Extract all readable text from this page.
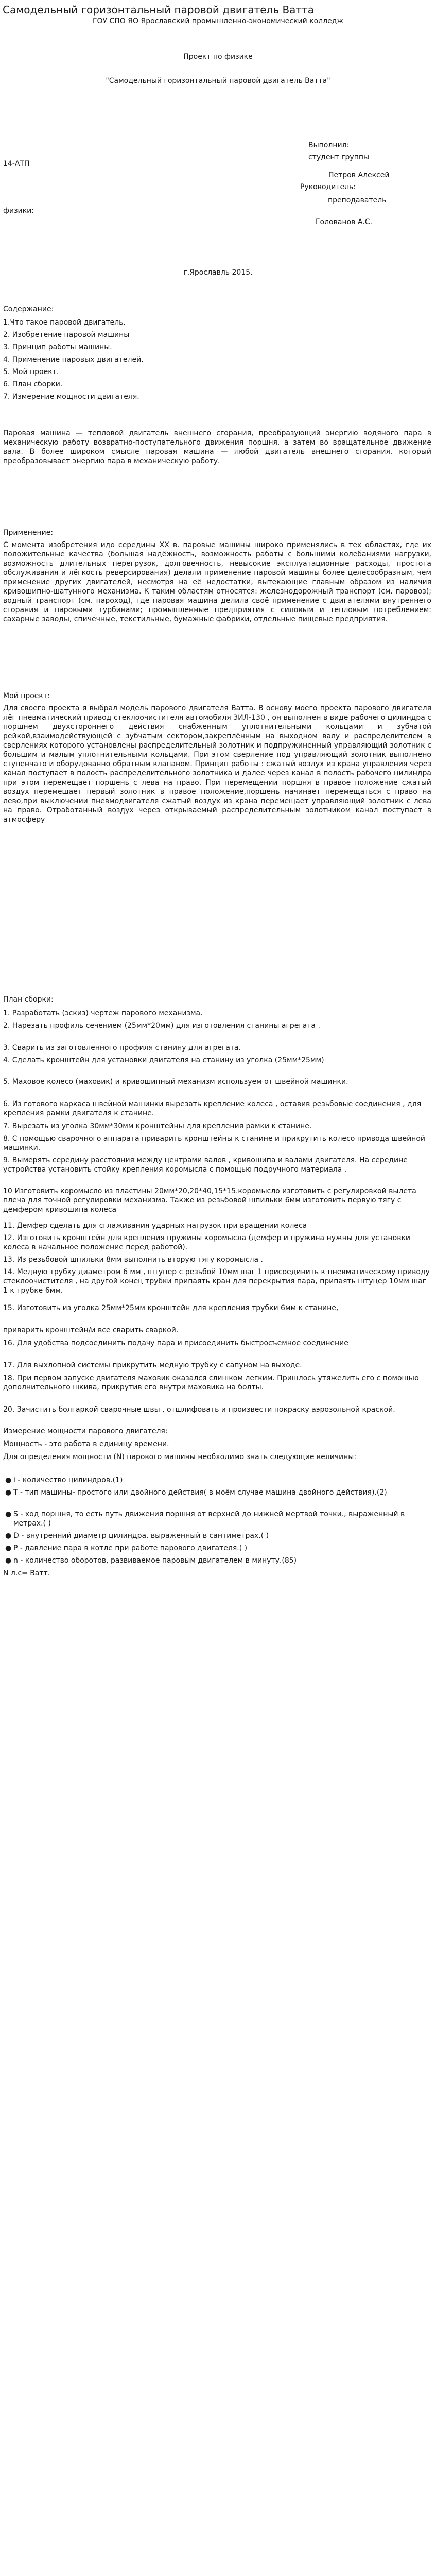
Самодельный горизонтальный паровой двигатель Ватта
ГОУ СПО ЯО Ярославский промышленно-экономический колледж
Проект по физике
"Самодельный горизонтальный паровой двигатель Ватта"
Выполнил:
студент группы
14-АТП
Петров Алексей
Руководитель:
преподаватель
физики:
Голованов А.С.
г.Ярославль 2015.
Содержание:
1.Что такое паровой двигатель.
2. Изобретение паровой машины
3. Принцип работы машины.
4. Применение паровых двигателей.
5. Мой проект.
6. План сборки.
7. Измерение мощности двигателя.
Паровая машина — тепловой двигатель внешнего сгорания, преобразующий энергию водяного пара в механическую работу возвратно-поступательного движения поршня, а затем во вращательное движение вала. В более широком смысле паровая машина — любой двигатель внешнего сгорания, который преобразовывает энергию пара в механическую работу.
Применение:
С момента изобретения идо середины XX в. паровые машины широко применялись в тех областях, где их положительные качества (большая надёжность, возможность работы с большими колебаниями нагрузки, возможность длительных перегрузок, долговечность, невысокие эксплуатационные расходы, простота обслуживания и лёгкость реверсирования) делали применение паровой машины более целесообразным, чем применение других двигателей, несмотря на её недостатки, вытекающие главным образом из наличия кривошипно-шатунного механизма. К таким областям относятся: железнодорожный транспорт (см. паровоз); водный транспорт (см. пароход), где паровая машина делила своё применение с двигателями внутреннего сгорания и паровыми турбинами; промышленные предприятия с силовым и тепловым потреблением: сахарные заводы, спичечные, текстильные, бумажные фабрики, отдельные пищевые предприятия.
Мой проект:
Для своего проекта я выбрал модель парового двигателя Ватта. В основу моего проекта парового двигателя лёг пневматический привод стеклоочистителя автомобиля ЗИЛ-130 , он выполнен в виде рабочего цилиндра с поршнем двухстороннего действия снабженным уплотнительными кольцами и зубчатой рейкой,взаимодействующей с зубчатым сектором,закреплённым на выходном валу и распределителем в сверлениях которого установлены распределительный золотник и подпружиненный управляющий золотник с большим и малым уплотнительными кольцами. При этом сверление под управляющий золотник выполнено ступенчато и оборудованно обратным клапаном. Принцип работы : сжатый воздух из крана управления через канал поступает в полость распределительного золотника и далее через канал в полость рабочего цилиндра при этом перемещает поршень с лева на право. При перемещении поршня в правое положение сжатый воздух перемещает первый золотник в правое положение,поршень начинает перемещаться с право на лево,при выключении пневмодвигателя сжатый воздух из крана перемещает управляющий золотник с лева на право. Отработанный воздух через открываемый распределительным золотником канал поступает в атмосферу
План сборки:
1. Разработать (эскиз) чертеж парового механизма.
2. Нарезать профиль сечением (25мм*20мм) для изготовления станины агрегата .
3. Сварить из заготовленного профиля станину для агрегата.
4. Сделать кронштейн для установки двигателя на станину из уголка (25мм*25мм)
5. Маховое колесо (маховик) и кривошипный механизм используем от швейной машинки.
6. Из готового каркаса швейной машинки вырезать крепление колеса , оставив резьбовые соединения , для крепления рамки двигателя к станине.
7. Вырезать из уголка 30мм*30мм кронштейны для крепления рамки к станине.
8. С помощью сварочного аппарата приварить кронштейны к станине и прикрутить колесо привода швейной машинки.
9. Вымерять середину расстояния между центрами валов , кривошипа и валами двигателя. На середине устройства установить стойку крепления коромысла с помощью подручного материала .
10 Изготовить коромысло из пластины 20мм*20,20*40,15*15.коромысло изготовить с регулировкой вылета плеча для точной регулировки механизма. Также из резьбовой шпильки 6мм изготовить первую тягу с демфером кривошипа колеса
11. Демфер сделать для сглаживания ударных нагрузок при вращении колеса
12. Изготовить кронштейн для крепления пружины коромысла (демфер и пружина нужны для установки колеса в начальное положение перед работой).
13. Из резьбовой шпильки 8мм выполнить вторую тягу коромысла .
14. Медную трубку диаметром 6 мм , штуцер с резьбой 10мм шаг 1 присоединить к пневматическому приводу стеклоочистителя , на другой конец трубки припаять кран для перекрытия пара, припаять штуцер 10мм шаг 1 к трубке 6мм.
15. Изготовить из уголка 25мм*25мм кронштейн для крепления трубки 6мм к станине,
приварить кронштейн/и все сварить сваркой.
16. Для удобства подсоединить подачу пара и присоединить быстросъемное соединение
17. Для выхлопной системы прикрутить медную трубку с сапуном на выходе.
18. При первом запуске двигателя маховик оказался слишком легким. Пришлось утяжелить его с помощью дополнительного шкива, прикрутив его внутри маховика на болты.
20. Зачистить болгаркой сварочные швы , отшлифовать и произвести покраску аэрозольной краской.
Измерение мощности парового двигателя:
Мощность - это работа в единицу времени.
Для определения мощности (N) парового машины необходимо знать следующие величины:
● i - количество цилиндров.(1)
● T - тип машины- простого или двойного действия( в моём случае машина двойного действия).(2)
● S - ход поршня, то есть путь движения поршня от верхней до нижней мертвой точки., выраженный в метрах.( )
● D - внутренний диаметр цилиндра, выраженный в сантиметрах.( )
● P - давление пара в котле при работе парового двигателя.( )
● n - количество оборотов, развиваемое паровым двигателем в минуту.(85)
N л.с= Ватт.
